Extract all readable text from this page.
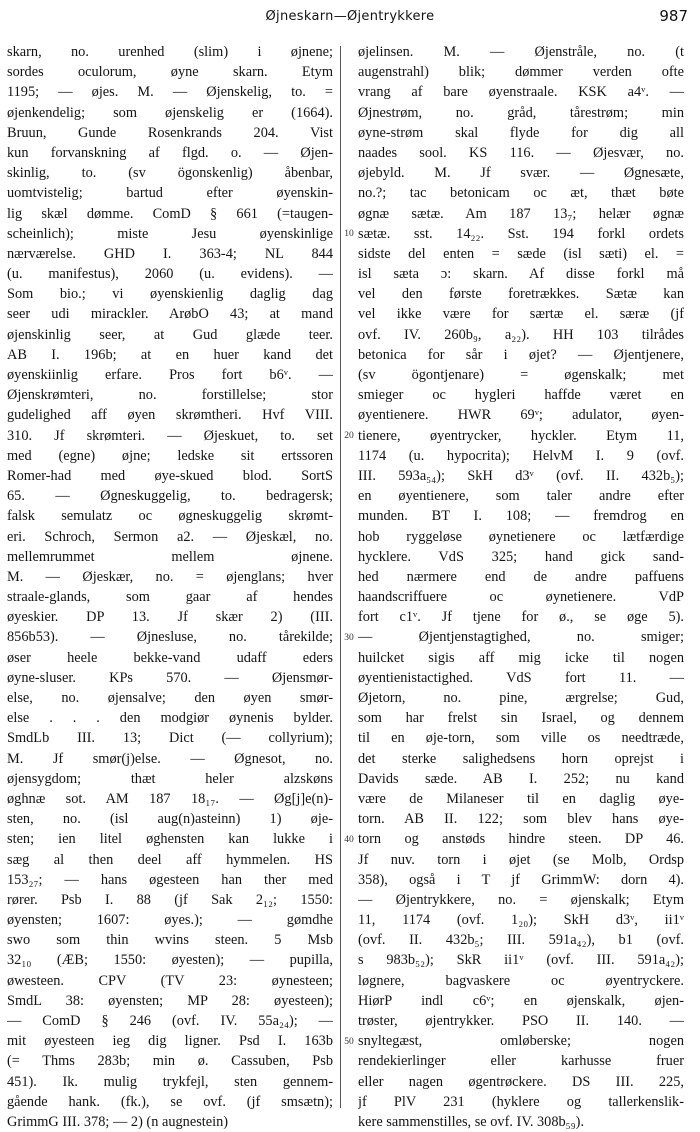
Øjneskarn—Øjentrykkere	987
skarn, no. urenhed (slim) i øjnene;
sordes oculorum, øyne skarn. Etym
1195; — øjes. M. — Øjenskelig, to. =
øjenkendelig; som øjenskelig er (1664).
Bruun, Gunde Rosenkrands 204. Vist
kun forvanskning af flgd. o. — Øjen-
skinlig, to. (sv ögonskenlig) åbenbar,
uomtvistelig; bartud efter øyenskin-
lig skæl dømme. ComD § 661 (=taugen-
scheinlich); miste Jesu øyenskinlige
nærværelse. GHD I. 363-4; NL 844
(u. manifestus), 2060 (u. evidens). —
Som bio.; vi øyenskienlig daglig dag
seer udi mirackler. ArøbO 43; at mand
øjenskinlig seer, at Gud glæde teer.
AB I. 196b; at en huer kand det
øyenskiinlig erfare. Pros fort b6ᵛ. —
Øjenskrømteri, no. forstillelse; stor
gudelighed aff øyen skrømtheri. Hvf VIII.
310. Jf skrømteri. — Øjeskuet, to. set
med (egne) øjne; ledske sit ertssoren
Romer-had med øye-skued blod. SortS
65. — Øgneskuggelig, to. bedragersk;
falsk semulatz oc øgneskuggelig skrømt-
eri. Schroch, Sermon a2. — Øjeskæl, no.
mellemrummet mellem øjnene.
M. — Øjeskær, no. = øjenglans; hver
straale-glands, som gaar af hendes
øyeskier. DP 13. Jf skær 2) (III.
856b53). — Øjnesluse, no. tårekilde;
øser heele bekke-vand udaff eders
øyne-sluser. KPs 570. — Øjensmør-
else, no. øjensalve; den øyen smør-
else . . . den modgiør øynenis bylder.
SmdLb III. 13; Dict (— collyrium);
M. Jf smør(j)else. — Øgnesot, no.
øjensygdom; thæt heler alzskøns
øghnæ sot. AM 187 18₁₇. — Øg[j]e(n)-
sten, no. (isl aug(n)asteinn) 1) øje-
sten; ien litel øghensten kan lukke i
sæg al then deel aff hymmelen. HS
153₂₇; — hans øgesteen han ther med
rører. Psb I. 88 (jf Sak 2₁₂; 1550:
øyensten; 1607: øyes.); — gømdhe
swo som thin wvins steen. 5 Msb
32₁₀ (ÆB; 1550: øyesten); — pupilla,
øwesteen. CPV (TV 23: øynesteen;
SmdL 38: øyensten; MP 28: øyesteen);
— ComD § 246 (ovf. IV. 55a₂₄); —
mit øyesteen ieg dig ligner. Psd I. 163b
(= Thms 283b; min ø. Cassuben, Psb
451). Ik. mulig trykfejl, sten gennem-
gående hank. (fk.), se ovf. (jf smsætn);
GrimmG III. 378; — 2) (n augnestein)
10
20
30
40
50
øjelinsen. M. — Øjenstråle, no. (t
augenstrahl) blik; dømmer verden ofte
vrang af bare øyenstraale. KSK a4ᵛ. —
Øjnestrøm, no. gråd, tårestrøm; min
øyne-strøm skal flyde for dig all
naades sool. KS 116. — Øjesvær, no.
øjebyld. M. Jf svær. — Øgnesæte,
no.?; tac betonicam oc æt, thæt bøte
øgnæ sætæ. Am 187 13₇; helær øgnæ
sætæ. sst. 14₂₂. Sst. 194 forkl ordets
sidste del enten = sæde (isl sæti) el. =
isl sæta ɔ: skarn. Af disse forkl må
vel den første foretrækkes. Sætæ kan
vel ikke være for særtæ el. særæ (jf
ovf. IV. 260b₉, a₂₂). HH 103 tilrådes
betonica for sår i øjet? — Øjentjenere,
(sv ögontjenare) = øgenskalk; met
smieger oc hygleri haffde været en
øyentienere. HWR 69ᵛ; adulator, øyen-
tienere, øyentrycker, hyckler. Etym 11,
1174 (u. hypocrita); HelvM I. 9 (ovf.
III. 593a₅₄); SkH d3ᵛ (ovf. II. 432b₅);
en øyentienere, som taler andre efter
munden. BT I. 108; — fremdrog en
hob ryggeløse øynetienere oc lætfærdige
hycklere. VdS 325; hand gick sand-
hed nærmere end de andre paffuens
haandscriffuere oc øynetienere. VdP
fort c1ᵛ. Jf tjene for ø., se øge 5).
— Øjentjenstagtighed, no. smiger;
huilcket sigis aff mig icke til nogen
øyentienistactighed. VdS fort 11. —
Øjetorn, no. pine, ærgrelse; Gud,
som har frelst sin Israel, og dennem
til en øje-torn, som ville os needtræde,
det sterke salighedsens horn oprejst i
Davids sæde. AB I. 252; nu kand
være de Milaneser til en daglig øye-
torn. AB II. 122; som blev hans øye-
torn og anstøds hindre steen. DP 46.
Jf nuv. torn i øjet (se Molb, Ordsp
358), også i T jf GrimmW: dorn 4).
— Øjentrykkere, no. = øjenskalk; Etym
11, 1174 (ovf. 1₂₀); SkH d3ᵛ, ii1ᵛ
(ovf. II. 432b₅; III. 591a₄₂), b1 (ovf.
s 983b₅₂); SkR ii1ᵛ (ovf. III. 591a₄₂);
løgnere, bagvaskere oc øyentryckere.
HiørP indl c6ᵛ; en øjenskalk, øjen-
trøster, øjentrykker. PSO II. 140. —
snyltegæst, omløberske; nogen
rendekierlinger eller karhusse fruer
eller nagen øgentrøckere. DS III. 225,
jf PlV 231 (hyklere og tallerkenslik-
kere sammenstilles, se ovf. IV. 308b₅₉).
